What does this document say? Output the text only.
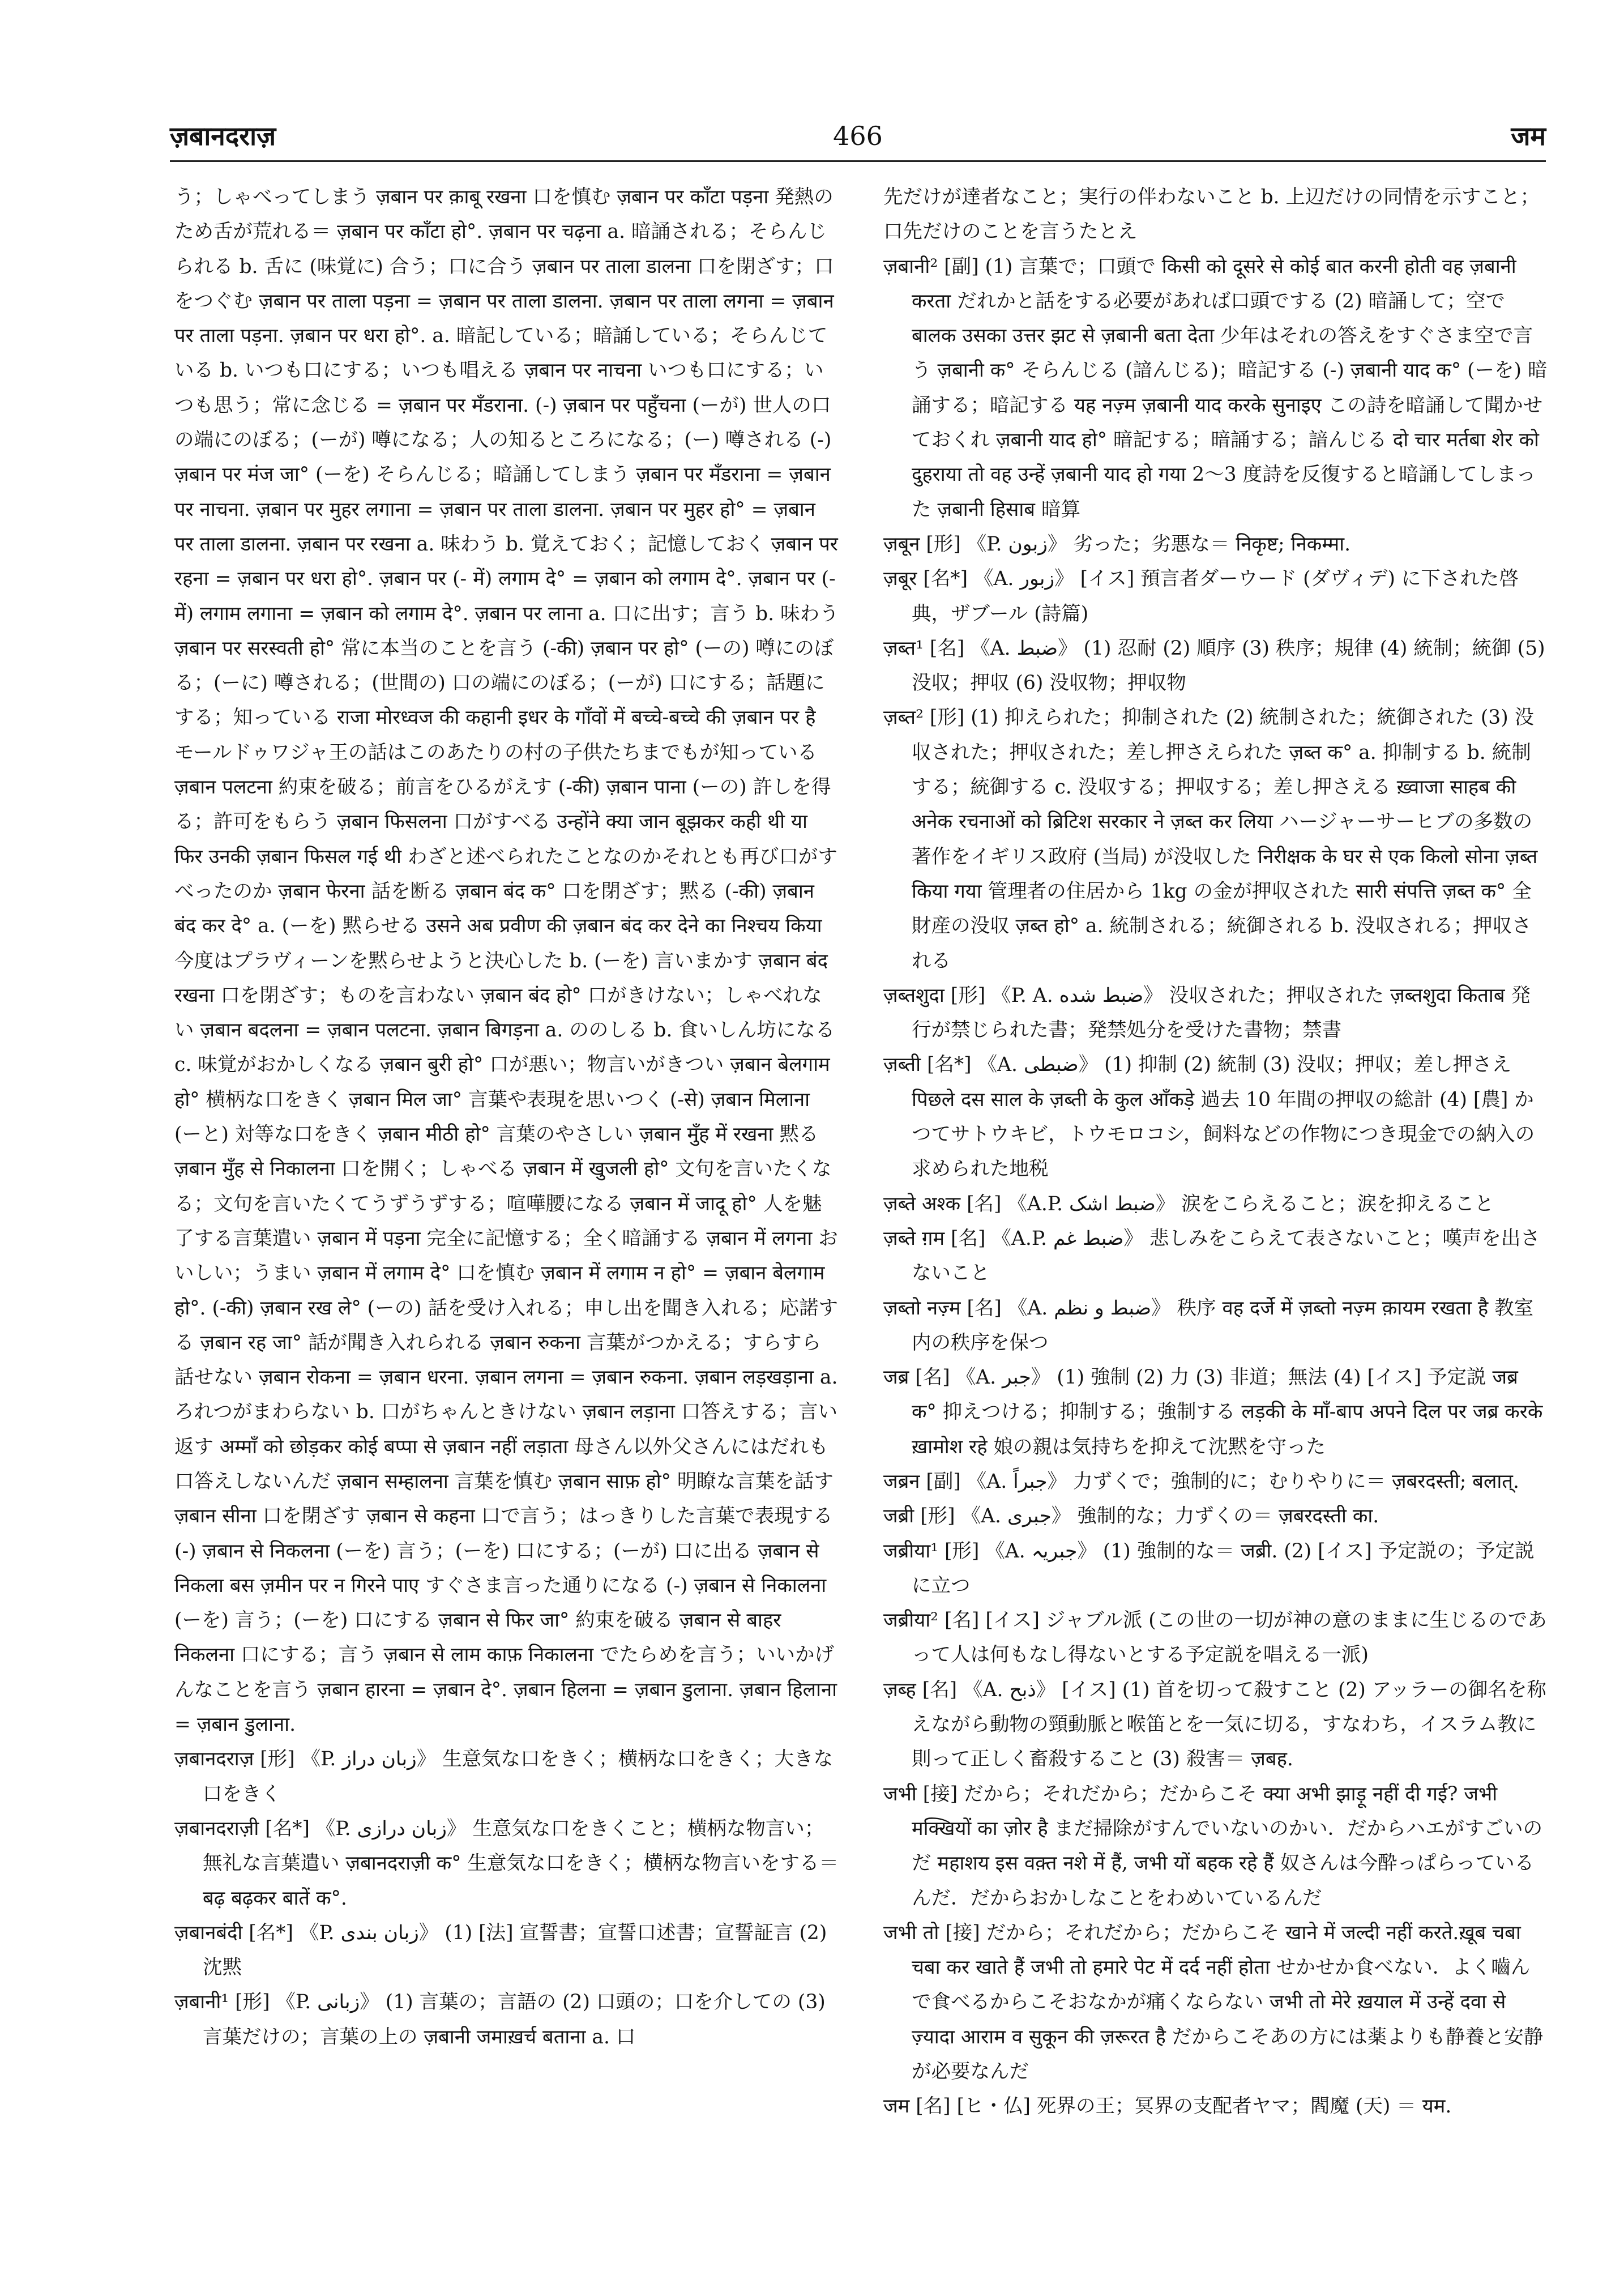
466
ज़बानदराज़	जम

う；しゃべってしまう ज़बान पर क़ाबू रखना 口を慎む ज़बान पर काँटा पड़ना 発熱のため舌が荒れる＝ ज़बान पर काँटा हो°. ज़बान पर चढ़ना a. 暗誦される；そらんじられる b. 舌に (味覚に) 合う；口に合う ज़बान पर ताला डालना 口を閉ざす；口をつぐむ ज़बान पर ताला पड़ना = ज़बान पर ताला डालना. ज़बान पर ताला लगना = ज़बान पर ताला पड़ना. ज़बान पर धरा हो°. a. 暗記している；暗誦している；そらんじている b. いつも口にする；いつも唱える ज़बान पर नाचना いつも口にする；いつも思う；常に念じる = ज़बान पर मँडराना. (-) ज़बान पर पहुँचना (ーが) 世人の口の端にのぼる；(ーが) 噂になる；人の知るところになる；(ー) 噂される (-) ज़बान पर मंज जा° (ーを) そらんじる；暗誦してしまう ज़बान पर मँडराना = ज़बान पर नाचना. ज़बान पर मुहर लगाना = ज़बान पर ताला डालना. ज़बान पर मुहर हो° = ज़बान पर ताला डालना. ज़बान पर रखना a. 味わう b. 覚えておく；記憶しておく ज़बान पर रहना = ज़बान पर धरा हो°. ज़बान पर (- में) लगाम दे° = ज़बान को लगाम दे°. ज़बान पर (- में) लगाम लगाना = ज़बान को लगाम दे°. ज़बान पर लाना a. 口に出す；言う b. 味わう ज़बान पर सरस्वती हो° 常に本当のことを言う (-की) ज़बान पर हो° (ーの) 噂にのぼる；(ーに) 噂される；(世間の) 口の端にのぼる；(ーが) 口にする；話題にする；知っている राजा मोरध्वज की कहानी इधर के गाँवों में बच्चे-बच्चे की ज़बान पर है モールドゥワジャ王の話はこのあたりの村の子供たちまでもが知っている ज़बान पलटना 約束を破る；前言をひるがえす (-की) ज़बान पाना (ーの) 許しを得る；許可をもらう ज़बान फिसलना 口がすべる उन्होंने क्या जान बूझकर कही थी या फिर उनकी ज़बान फिसल गई थी わざと述べられたことなのかそれとも再び口がすべったのか ज़बान फेरना 話を断る ज़बान बंद क° 口を閉ざす；黙る (-की) ज़बान बंद कर दे° a. (ーを) 黙らせる उसने अब प्रवीण की ज़बान बंद कर देने का निश्चय किया 今度はプラヴィーンを黙らせようと決心した b. (ーを) 言いまかす ज़बान बंद रखना 口を閉ざす；ものを言わない ज़बान बंद हो° 口がきけない；しゃべれない ज़बान बदलना = ज़बान पलटना. ज़बान बिगड़ना a. ののしる b. 食いしん坊になる c. 味覚がおかしくなる ज़बान बुरी हो° 口が悪い；物言いがきつい ज़बान बेलगाम हो° 横柄な口をきく ज़बान मिल जा° 言葉や表現を思いつく (-से) ज़बान मिलाना (ーと) 対等な口をきく ज़बान मीठी हो° 言葉のやさしい ज़बान मुँह में रखना 黙る ज़बान मुँह से निकालना 口を開く；しゃべる ज़बान में खुजली हो° 文句を言いたくなる；文句を言いたくてうずうずする；喧嘩腰になる ज़बान में जादू हो° 人を魅了する言葉遣い ज़बान में पड़ना 完全に記憶する；全く暗誦する ज़बान में लगना おいしい；うまい ज़बान में लगाम दे° 口を慎む ज़बान में लगाम न हो° = ज़बान बेलगाम हो°. (-की) ज़बान रख ले° (ーの) 話を受け入れる；申し出を聞き入れる；応諾する ज़बान रह जा° 話が聞き入れられる ज़बान रुकना 言葉がつかえる；すらすら話せない ज़बान रोकना = ज़बान धरना. ज़बान लगना = ज़बान रुकना. ज़बान लड़खड़ाना a. ろれつがまわらない b. 口がちゃんときけない ज़बान लड़ाना 口答えする；言い返す अम्माँ को छोड़कर कोई बप्पा से ज़बान नहीं लड़ाता 母さん以外父さんにはだれも口答えしないんだ ज़बान सम्हालना 言葉を慎む ज़बान साफ़ हो° 明瞭な言葉を話す ज़बान सीना 口を閉ざす ज़बान से कहना 口で言う；はっきりした言葉で表現する (-) ज़बान से निकलना (ーを) 言う；(ーを) 口にする；(ーが) 口に出る ज़बान से निकला बस ज़मीन पर न गिरने पाए すぐさま言った通りになる (-) ज़बान से निकालना (ーを) 言う；(ーを) 口にする ज़बान से फिर जा° 約束を破る ज़बान से बाहर निकलना 口にする；言う ज़बान से लाम काफ़ निकालना でたらめを言う；いいかげんなことを言う ज़बान हारना = ज़बान दे°. ज़बान हिलना = ज़बान डुलाना. ज़बान हिलाना = ज़बान डुलाना.

ज़बानदराज़ [形] 《P. زبان دراز》 生意気な口をきく；横柄な口をきく；大きな口をきく

ज़बानदराज़ी [名*] 《P. زبان درازی》 生意気な口をきくこと；横柄な物言い；無礼な言葉遣い ज़बानदराज़ी क° 生意気な口をきく；横柄な物言いをする＝ बढ़ बढ़कर बातें क°.

ज़बानबंदी [名*] 《P. زبان بندی》 (1) [法] 宣誓書；宣誓口述書；宣誓証言 (2) 沈黙

ज़बानी¹ [形] 《P. زبانی》 (1) 言葉の；言語の (2) 口頭の；口を介しての (3) 言葉だけの；言葉の上の ज़बानी जमाख़र्च बताना a. 口

先だけが達者なこと；実行の伴わないこと b. 上辺だけの同情を示すこと；口先だけのことを言うたとえ

ज़बानी² [副] (1) 言葉で；口頭で किसी को दूसरे से कोई बात करनी होती वह ज़बानी करता だれかと話をする必要があれば口頭でする (2) 暗誦して；空で बालक उसका उत्तर झट से ज़बानी बता देता 少年はそれの答えをすぐさま空で言う ज़बानी क° そらんじる (諳んじる)；暗記する (-) ज़बानी याद क° (ーを) 暗誦する；暗記する यह नज़्म ज़बानी याद करके सुनाइए この詩を暗誦して聞かせておくれ ज़बानी याद हो° 暗記する；暗誦する；諳んじる दो चार मर्तबा शेर को दुहराया तो वह उन्हें ज़बानी याद हो गया 2〜3 度詩を反復すると暗誦してしまった ज़बानी हिसाब 暗算

ज़बून [形] 《P. زبون》 劣った；劣悪な＝ निकृष्ट; निकम्मा.

ज़बूर [名*] 《A. زبور》 [イス] 預言者ダーウード (ダヴィデ) に下された啓典，ザブール (詩篇)

ज़ब्त¹ [名] 《A. ضبط》 (1) 忍耐 (2) 順序 (3) 秩序；規律 (4) 統制；統御 (5) 没収；押収 (6) 没収物；押収物

ज़ब्त² [形] (1) 抑えられた；抑制された (2) 統制された；統御された (3) 没収された；押収された；差し押さえられた ज़ब्त क° a. 抑制する b. 統制する；統御する c. 没収する；押収する；差し押さえる ख़्वाजा साहब की अनेक रचनाओं को ब्रिटिश सरकार ने ज़ब्त कर लिया ハージャーサーヒブの多数の著作をイギリス政府 (当局) が没収した निरीक्षक के घर से एक किलो सोना ज़ब्त किया गया 管理者の住居から 1kg の金が押収された सारी संपत्ति ज़ब्त क° 全財産の没収 ज़ब्त हो° a. 統制される；統御される b. 没収される；押収される

ज़ब्तशुदा [形] 《P. A. ضبط شده》 没収された；押収された ज़ब्तशुदा किताब 発行が禁じられた書；発禁処分を受けた書物；禁書

ज़ब्ती [名*] 《A. ضبطی》 (1) 抑制 (2) 統制 (3) 没収；押収；差し押さえ पिछले दस साल के ज़ब्ती के कुल आँकड़े 過去 10 年間の押収の総計 (4) [農] かつてサトウキビ，トウモロコシ，飼料などの作物につき現金での納入の求められた地税

ज़ब्ते अश्क [名] 《A.P. ضبط اشک》 涙をこらえること；涙を抑えること

ज़ब्ते ग़म [名] 《A.P. ضبط غم》 悲しみをこらえて表さないこと；嘆声を出さないこと

ज़ब्तो नज़्म [名] 《A. ضبط و نظم》 秩序 वह दर्जे में ज़ब्तो नज़्म क़ायम रखता है 教室内の秩序を保つ

जब्र [名] 《A. جبر》 (1) 強制 (2) 力 (3) 非道；無法 (4) [イス] 予定説 जब्र क° 抑えつける；抑制する；強制する लड़की के माँ-बाप अपने दिल पर जब्र करके ख़ामोश रहे 娘の親は気持ちを抑えて沈黙を守った

जब्रन [副] 《A. جبراً》 力ずくで；強制的に；むりやりに＝ ज़बरदस्ती; बलात्.

जब्री [形] 《A. جبری》 強制的な；力ずくの＝ ज़बरदस्ती का.

जब्रीया¹ [形] 《A. جبریہ》 (1) 強制的な＝ जब्री. (2) [イス] 予定説の；予定説に立つ

जब्रीया² [名] [イス] ジャブル派 (この世の一切が神の意のままに生じるのであって人は何もなし得ないとする予定説を唱える一派)

ज़ब्ह [名] 《A. ذبح》 [イス] (1) 首を切って殺すこと (2) アッラーの御名を称えながら動物の頸動脈と喉笛とを一気に切る，すなわち，イスラム教に則って正しく畜殺すること (3) 殺害＝ ज़बह.

जभी [接] だから；それだから；だからこそ क्या अभी झाड़ू नहीं दी गई? जभी मक्खियों का ज़ोर है まだ掃除がすんでいないのかい．だからハエがすごいのだ महाशय इस वक़्त नशे में हैं, जभी यों बहक रहे हैं 奴さんは今酔っぱらっているんだ．だからおかしなことをわめいているんだ

जभी तो [接] だから；それだから；だからこそ खाने में जल्दी नहीं करते.ख़ूब चबा चबा कर खाते हैं जभी तो हमारे पेट में दर्द नहीं होता せかせか食べない．よく嚙んで食べるからこそおなかが痛くならない जभी तो मेरे ख़याल में उन्हें दवा से ज़्यादा आराम व सुकून की ज़रूरत है だからこそあの方には薬よりも静養と安静が必要なんだ

जम [名] [ヒ・仏] 死界の王；冥界の支配者ヤマ；閻魔 (天) ＝ यम.
